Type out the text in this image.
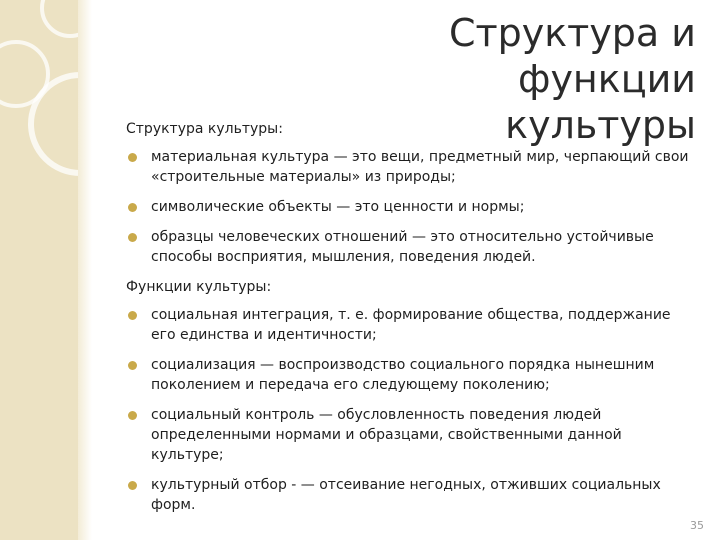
Структура и функции
культуры

Структура культуры:

материальная культура — это вещи, предметный мир, черпающий свои «строительные материалы» из природы;
символические объекты — это ценности и нормы;
образцы человеческих отношений — это относительно устойчивые способы восприятия, мышления, поведения людей.

Функции культуры:

социальная интеграция, т. е. формирование общества, поддержание его единства и идентичности;
социализация — воспроизводство социального порядка нынешним поколением и передача его следующему поколению;
социальный контроль — обусловленность поведения людей определенными нормами и образцами, свойственными данной культуре;
культурный отбор - — отсеивание негодных, отживших социальных форм.
35
